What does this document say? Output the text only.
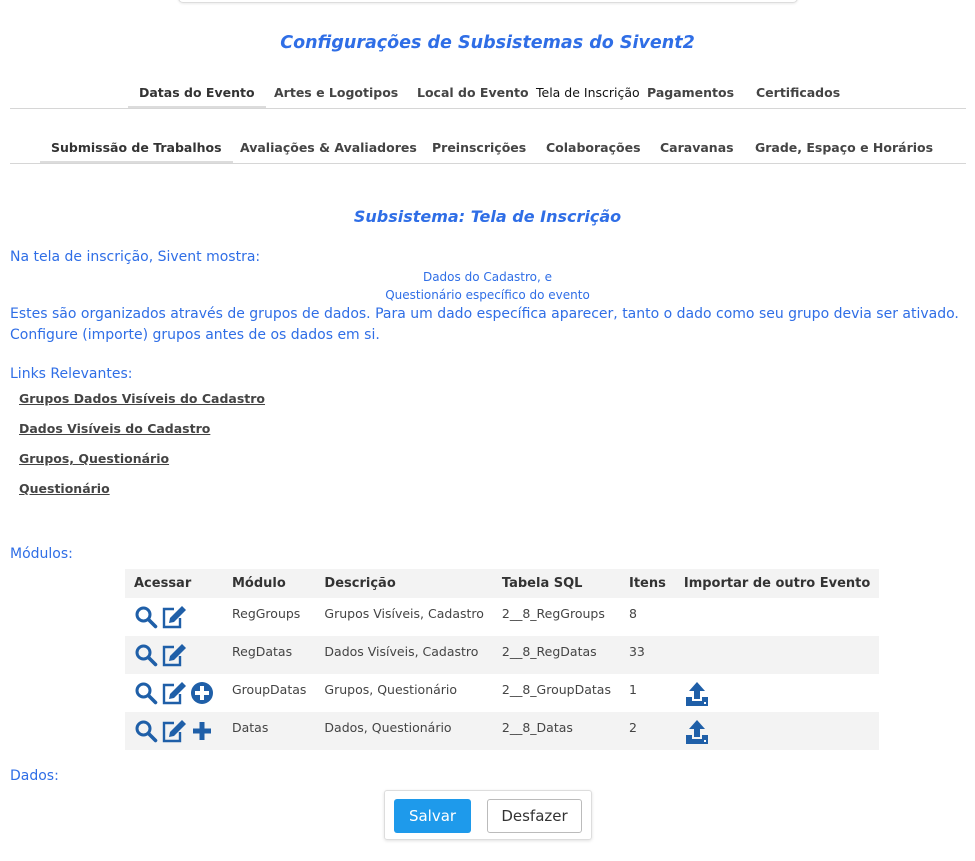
Configurações de Subsistemas do Sivent2
Datas do Evento	Artes e Logotipos Local do Evento Tela de Inscrição Pagamentos Certificados
Submissão de Trabalhos	Avaliações & Avaliadores Preinscrições Colaborações Caravanas Grade, Espaço e Horários
Subsistema: Tela de Inscrição
Na tela de inscrição, Sivent mostra:
Dados do Cadastro, e
Questionário específico do evento
Estes são organizados através de grupos de dados. Para um dado específica aparecer, tanto o dado como seu grupo devia ser ativado.
Configure (importe) grupos antes de os dados em si.
Links Relevantes:
Grupos Dados Visíveis do Cadastro
Dados Visíveis do Cadastro
Grupos, Questionário
Questionário
Módulos:
Acessar	Módulo	Descrição	Tabela SQL	Itens	Importar de outro Evento

	RegGroups	Grupos Visíveis, Cadastro	2__8_RegGroups	8	

	RegDatas	Dados Visíveis, Cadastro	2__8_RegDatas	33	

	GroupDatas	Grupos, Questionário	2__8_GroupDatas	1	

	Datas	Dados, Questionário	2__8_Datas	2	
Dados:
Salvar	Desfazer
